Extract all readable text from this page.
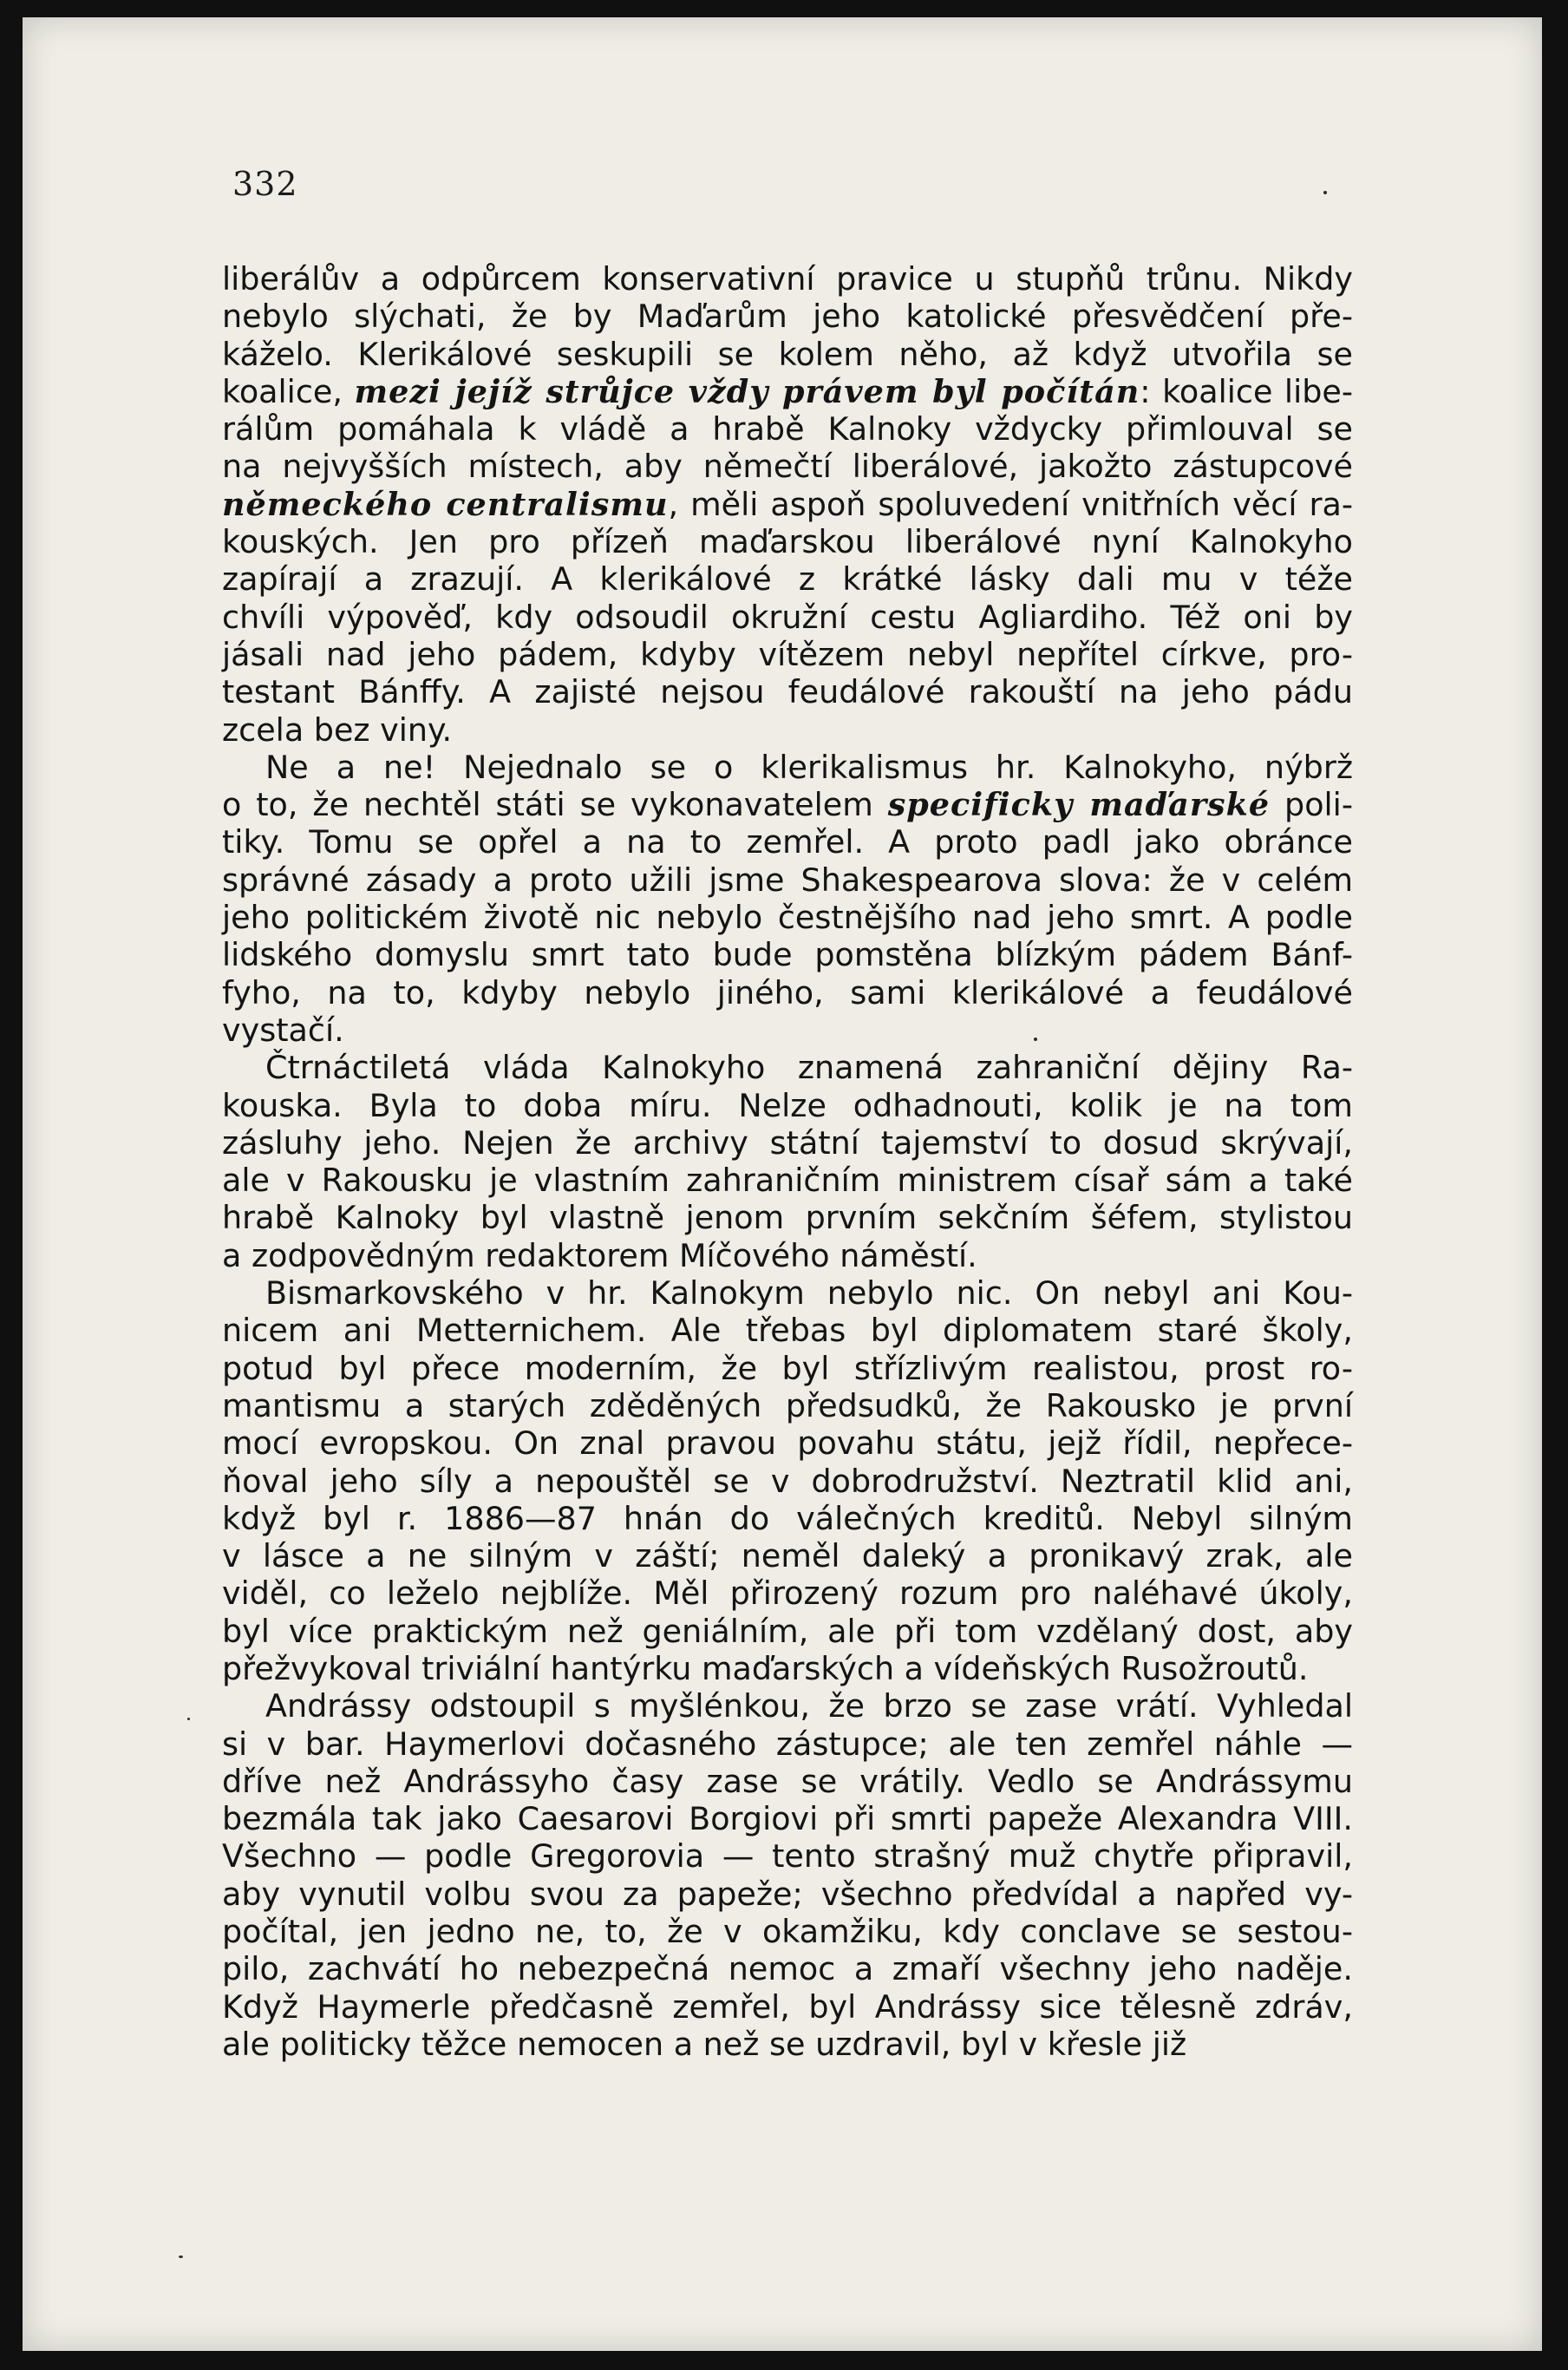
332
liberálův a odpůrcem konservativní pravice u stupňů trůnu. Nikdy
nebylo slýchati, že by Maďarům jeho katolické přesvědčení pře-
káželo. Klerikálové seskupili se kolem něho, až když utvořila se
koalice, mezi jejíž strůjce vždy právem byl počítán: koalice libe-
rálům pomáhala k vládě a hrabě Kalnoky vždycky přimlouval se
na nejvyšších místech, aby němečtí liberálové, jakožto zástupcové
německého centralismu, měli aspoň spoluvedení vnitřních věcí ra-
kouských. Jen pro přízeň maďarskou liberálové nyní Kalnokyho
zapírají a zrazují. A klerikálové z krátké lásky dali mu v téže
chvíli výpověď, kdy odsoudil okružní cestu Agliardiho. Též oni by
jásali nad jeho pádem, kdyby vítězem nebyl nepřítel církve, pro-
testant Bánffy. A zajisté nejsou feudálové rakouští na jeho pádu
zcela bez viny.
Ne a ne! Nejednalo se o klerikalismus hr. Kalnokyho, nýbrž
o to, že nechtěl státi se vykonavatelem specificky maďarské poli-
tiky. Tomu se opřel a na to zemřel. A proto padl jako obránce
správné zásady a proto užili jsme Shakespearova slova: že v celém
jeho politickém životě nic nebylo čestnějšího nad jeho smrt. A podle
lidského domyslu smrt tato bude pomstěna blízkým pádem Bánf-
fyho, na to, kdyby nebylo jiného, sami klerikálové a feudálové
vystačí.
Čtrnáctiletá vláda Kalnokyho znamená zahraniční dějiny Ra-
kouska. Byla to doba míru. Nelze odhadnouti, kolik je na tom
zásluhy jeho. Nejen že archivy státní tajemství to dosud skrývají,
ale v Rakousku je vlastním zahraničním ministrem císař sám a také
hrabě Kalnoky byl vlastně jenom prvním sekčním šéfem, stylistou
a zodpovědným redaktorem Míčového náměstí.
Bismarkovského v hr. Kalnokym nebylo nic. On nebyl ani Kou-
nicem ani Metternichem. Ale třebas byl diplomatem staré školy,
potud byl přece moderním, že byl střízlivým realistou, prost ro-
mantismu a starých zděděných předsudků, že Rakousko je první
mocí evropskou. On znal pravou povahu státu, jejž řídil, nepřece-
ňoval jeho síly a nepouštěl se v dobrodružství. Neztratil klid ani,
když byl r. 1886—87 hnán do válečných kreditů. Nebyl silným
v lásce a ne silným v záští; neměl daleký a pronikavý zrak, ale
viděl, co leželo nejblíže. Měl přirozený rozum pro naléhavé úkoly,
byl více praktickým než geniálním, ale při tom vzdělaný dost, aby
přežvykoval triviální hantýrku maďarských a vídeňských Rusožroutů.
Andrássy odstoupil s myšlénkou, že brzo se zase vrátí. Vyhledal
si v bar. Haymerlovi dočasného zástupce; ale ten zemřel náhle —
dříve než Andrássyho časy zase se vrátily. Vedlo se Andrássymu
bezmála tak jako Caesarovi Borgiovi při smrti papeže Alexandra VIII.
Všechno — podle Gregorovia — tento strašný muž chytře připravil,
aby vynutil volbu svou za papeže; všechno předvídal a napřed vy-
počítal, jen jedno ne, to, že v okamžiku, kdy conclave se sestou-
pilo, zachvátí ho nebezpečná nemoc a zmaří všechny jeho naděje.
Když Haymerle předčasně zemřel, byl Andrássy sice tělesně zdráv,
ale politicky těžce nemocen a než se uzdravil, byl v křesle již
